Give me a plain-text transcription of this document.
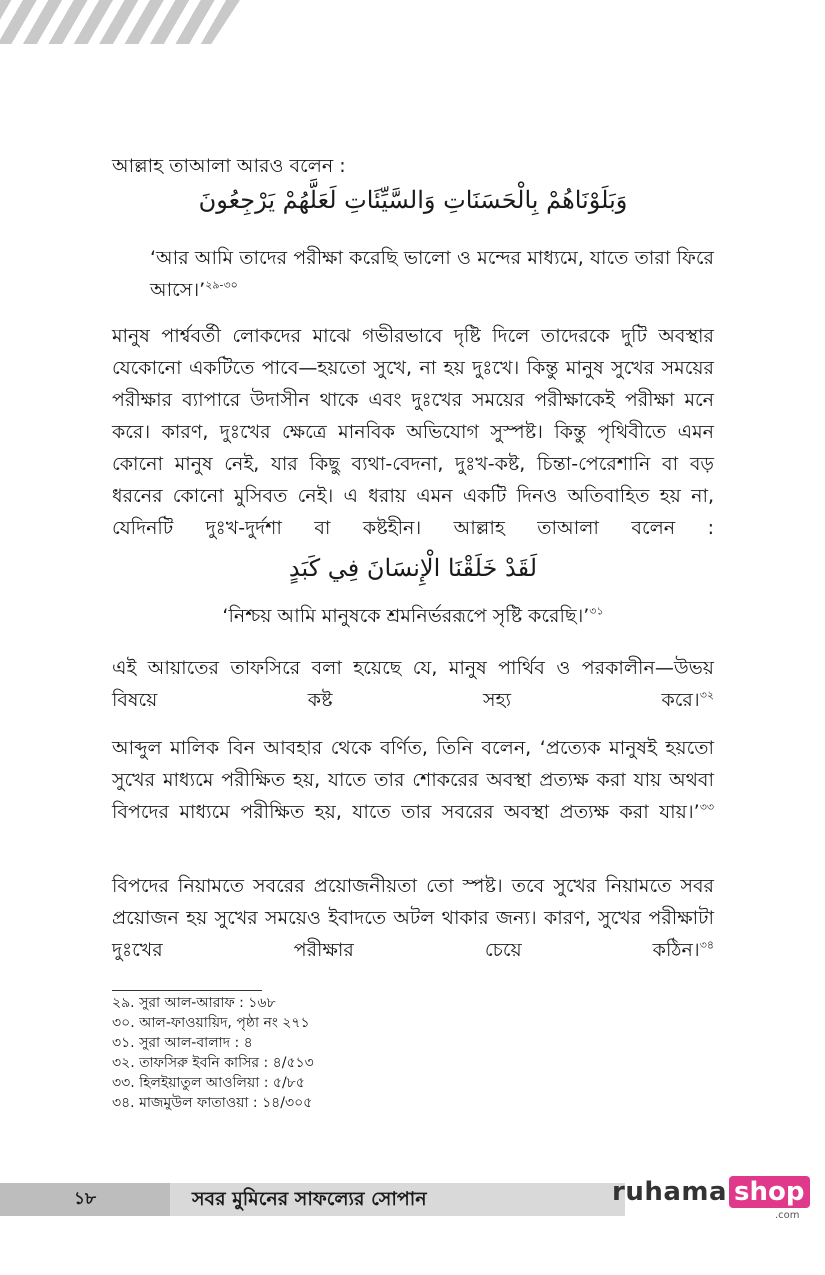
আল্লাহ তাআলা আরও বলেন :

وَبَلَوْنَاهُمْ بِالْحَسَنَاتِ وَالسَّيِّئَاتِ لَعَلَّهُمْ يَرْجِعُونَ

‘আর আমি তাদের পরীক্ষা করেছি ভালো ও মন্দের মাধ্যমে, যাতে তারা ফিরে আসে।’$^{২৯-৩০}$

মানুষ পার্শ্ববর্তী লোকদের মাঝে গভীরভাবে দৃষ্টি দিলে তাদেরকে দুটি অবস্থার যেকোনো একটিতে পাবে—হয়তো সুখে, না হয় দুঃখে। কিন্তু মানুষ সুখের সময়ের পরীক্ষার ব্যাপারে উদাসীন থাকে এবং দুঃখের সময়ের পরীক্ষাকেই পরীক্ষা মনে করে। কারণ, দুঃখের ক্ষেত্রে মানবিক অভিযোগ সুস্পষ্ট। কিন্তু পৃথিবীতে এমন কোনো মানুষ নেই, যার কিছু ব্যথা-বেদনা, দুঃখ-কষ্ট, চিন্তা-পেরেশানি বা বড় ধরনের কোনো মুসিবত নেই। এ ধরায় এমন একটি দিনও অতিবাহিত হয় না, যেদিনটি দুঃখ-দুর্দশা বা কষ্টহীন। আল্লাহ তাআলা বলেন :

لَقَدْ خَلَقْنَا الْإِنسَانَ فِي كَبَدٍ

‘নিশ্চয় আমি মানুষকে শ্রমনির্ভররূপে সৃষ্টি করেছি।’$^{৩১}$

এই আয়াতের তাফসিরে বলা হয়েছে যে, মানুষ পার্থিব ও পরকালীন—উভয় বিষয়ে কষ্ট সহ্য করে।$^{৩২}$

আব্দুল মালিক বিন আবহার থেকে বর্ণিত, তিনি বলেন, ‘প্রত্যেক মানুষই হয়তো সুখের মাধ্যমে পরীক্ষিত হয়, যাতে তার শোকরের অবস্থা প্রত্যক্ষ করা যায় অথবা বিপদের মাধ্যমে পরীক্ষিত হয়, যাতে তার সবরের অবস্থা প্রত্যক্ষ করা যায়।’$^{৩৩}$

বিপদের নিয়ামতে সবরের প্রয়োজনীয়তা তো স্পষ্ট। তবে সুখের নিয়ামতে সবর প্রয়োজন হয় সুখের সময়েও ইবাদতে অটল থাকার জন্য। কারণ, সুখের পরীক্ষাটা দুঃখের পরীক্ষার চেয়ে কঠিন।$^{৩৪}$

২৯. সুরা আল-আরাফ : ১৬৮
৩০. আল-ফাওয়ায়িদ, পৃষ্ঠা নং ২৭১
৩১. সুরা আল-বালাদ : ৪
৩২. তাফসিরু ইবনি কাসির : ৪/৫১৩
৩৩. হিলইয়াতুল আওলিয়া : ৫/৮৫
৩৪. মাজমুউল ফাতাওয়া : ১৪/৩০৫
১৮	সবর মুমিনের সাফল্যের সোপান	ruhama shop
.com
